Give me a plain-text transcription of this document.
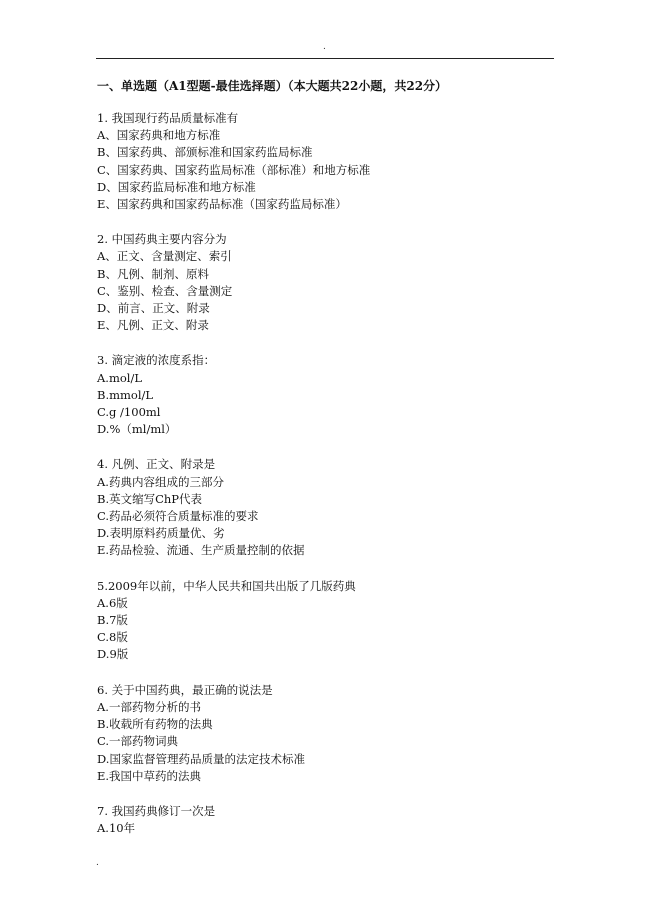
.
一、单选题（A1型题-最佳选择题）（本大题共22小题，共22分）
1. 我国现行药品质量标准有
A、国家药典和地方标准
B、国家药典、部颁标准和国家药监局标准
C、国家药典、国家药监局标准（部标准）和地方标准
D、国家药监局标准和地方标准
E、国家药典和国家药品标准（国家药监局标准）
2. 中国药典主要内容分为
A、正文、含量测定、索引
B、凡例、制剂、原料
C、鉴别、检查、含量测定
D、前言、正文、附录
E、凡例、正文、附录
3. 滴定液的浓度系指：
A.mol/L
B.mmol/L
C.g /100ml
D.%（ml/ml）
4. 凡例、正文、附录是
A.药典内容组成的三部分
B.英文缩写ChP代表
C.药品必须符合质量标准的要求
D.表明原料药质量优、劣
E.药品检验、流通、生产质量控制的依据
5.2009年以前，中华人民共和国共出版了几版药典
A.6版
B.7版
C.8版
D.9版
6. 关于中国药典，最正确的说法是
A.一部药物分析的书
B.收载所有药物的法典
C.一部药物词典
D.国家监督管理药品质量的法定技术标准
E.我国中草药的法典
7. 我国药典修订一次是
A.10年
.
